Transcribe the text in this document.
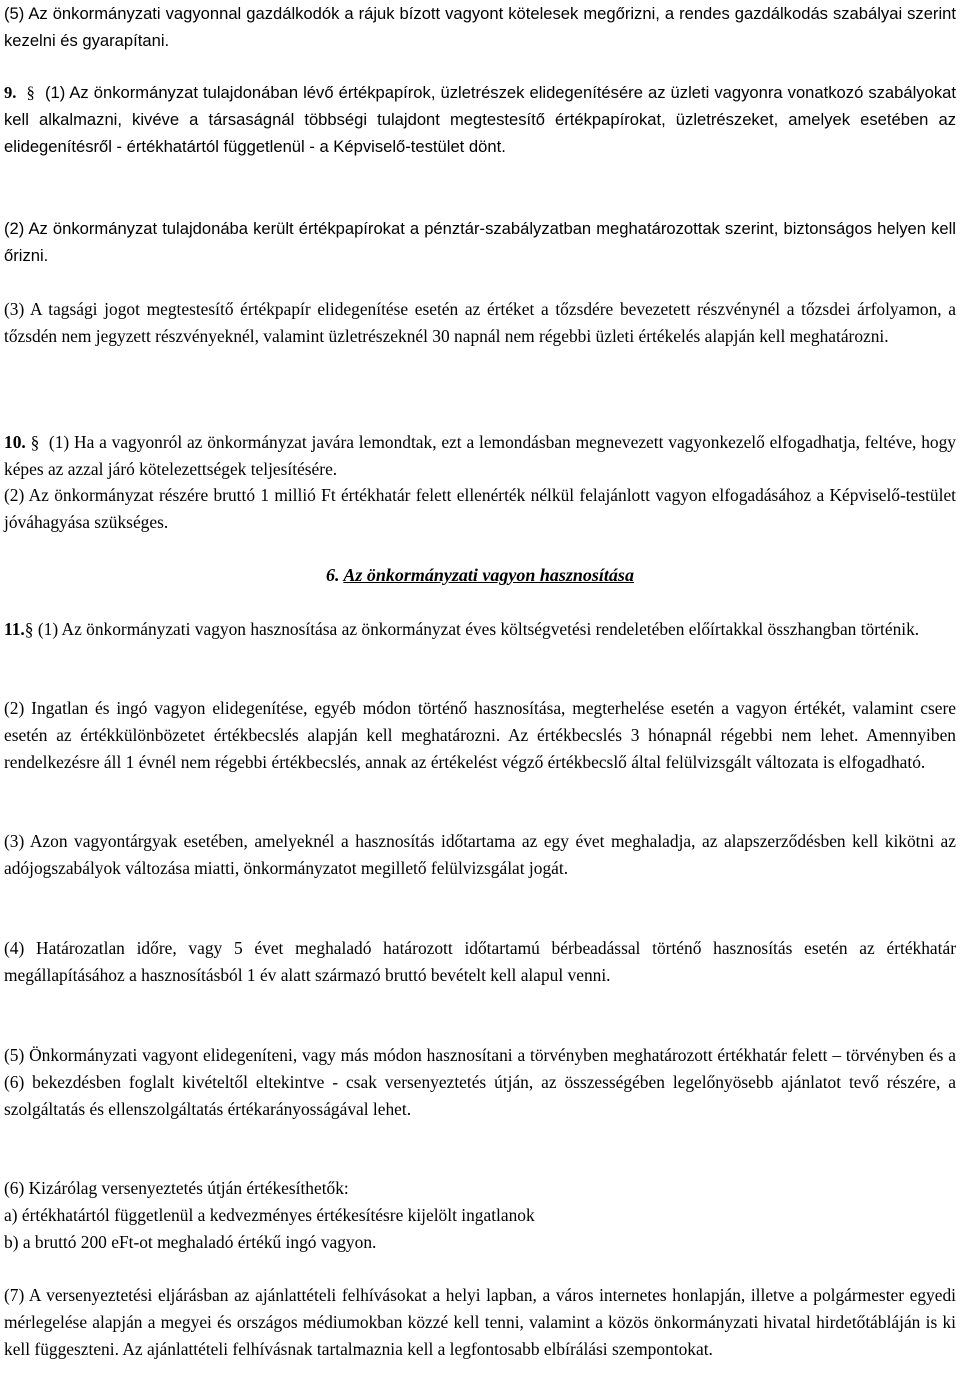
(5) Az önkormányzati vagyonnal gazdálkodók a rájuk bízott vagyont kötelesek megőrizni, a rendes gazdálkodás szabályai szerint kezelni és gyarapítani.

9. § (1) Az önkormányzat tulajdonában lévő értékpapírok, üzletrészek elidegenítésére az üzleti vagyonra vonatkozó szabályokat kell alkalmazni, kivéve a társaságnál többségi tulajdont megtestesítő értékpapírokat, üzletrészeket, amelyek esetében az elidegenítésről - értékhatártól függetlenül - a Képviselő-testület dönt.

(2) Az önkormányzat tulajdonába került értékpapírokat a pénztár-szabályzatban meghatározottak szerint, biztonságos helyen kell őrizni.

(3) A tagsági jogot megtestesítő értékpapír elidegenítése esetén az értéket a tőzsdére bevezetett részvénynél a tőzsdei árfolyamon, a tőzsdén nem jegyzett részvényeknél, valamint üzletrészeknél 30 napnál nem régebbi üzleti értékelés alapján kell meghatározni.

10. § (1) Ha a vagyonról az önkormányzat javára lemondtak, ezt a lemondásban megnevezett vagyonkezelő elfogadhatja, feltéve, hogy képes az azzal járó kötelezettségek teljesítésére.

(2) Az önkormányzat részére bruttó 1 millió Ft értékhatár felett ellenérték nélkül felajánlott vagyon elfogadásához a Képviselő-testület jóváhagyása szükséges.

6. Az önkormányzati vagyon hasznosítása

11.§ (1) Az önkormányzati vagyon hasznosítása az önkormányzat éves költségvetési rendeletében előírtakkal összhangban történik.

(2) Ingatlan és ingó vagyon elidegenítése, egyéb módon történő hasznosítása, megterhelése esetén a vagyon értékét, valamint csere esetén az értékkülönbözetet értékbecslés alapján kell meghatározni. Az értékbecslés 3 hónapnál régebbi nem lehet. Amennyiben rendelkezésre áll 1 évnél nem régebbi értékbecslés, annak az értékelést végző értékbecslő által felülvizsgált változata is elfogadható.

(3) Azon vagyontárgyak esetében, amelyeknél a hasznosítás időtartama az egy évet meghaladja, az alapszerződésben kell kikötni az adójogszabályok változása miatti, önkormányzatot megillető felülvizsgálat jogát.

(4) Határozatlan időre, vagy 5 évet meghaladó határozott időtartamú bérbeadással történő hasznosítás esetén az értékhatár megállapításához a hasznosításból 1 év alatt származó bruttó bevételt kell alapul venni.

(5) Önkormányzati vagyont elidegeníteni, vagy más módon hasznosítani a törvényben meghatározott értékhatár felett – törvényben és a (6) bekezdésben foglalt kivételtől eltekintve - csak versenyeztetés útján, az összességében legelőnyösebb ajánlatot tevő részére, a szolgáltatás és ellenszolgáltatás értékarányosságával lehet.

(6) Kizárólag versenyeztetés útján értékesíthetők:

a) értékhatártól függetlenül a kedvezményes értékesítésre kijelölt ingatlanok

b) a bruttó 200 eFt-ot meghaladó értékű ingó vagyon.

(7) A versenyeztetési eljárásban az ajánlattételi felhívásokat a helyi lapban, a város internetes honlapján, illetve a polgármester egyedi mérlegelése alapján a megyei és országos médiumokban közzé kell tenni, valamint a közös önkormányzati hivatal hirdetőtábláján is ki kell függeszteni. Az ajánlattételi felhívásnak tartalmaznia kell a legfontosabb elbírálási szempontokat.
